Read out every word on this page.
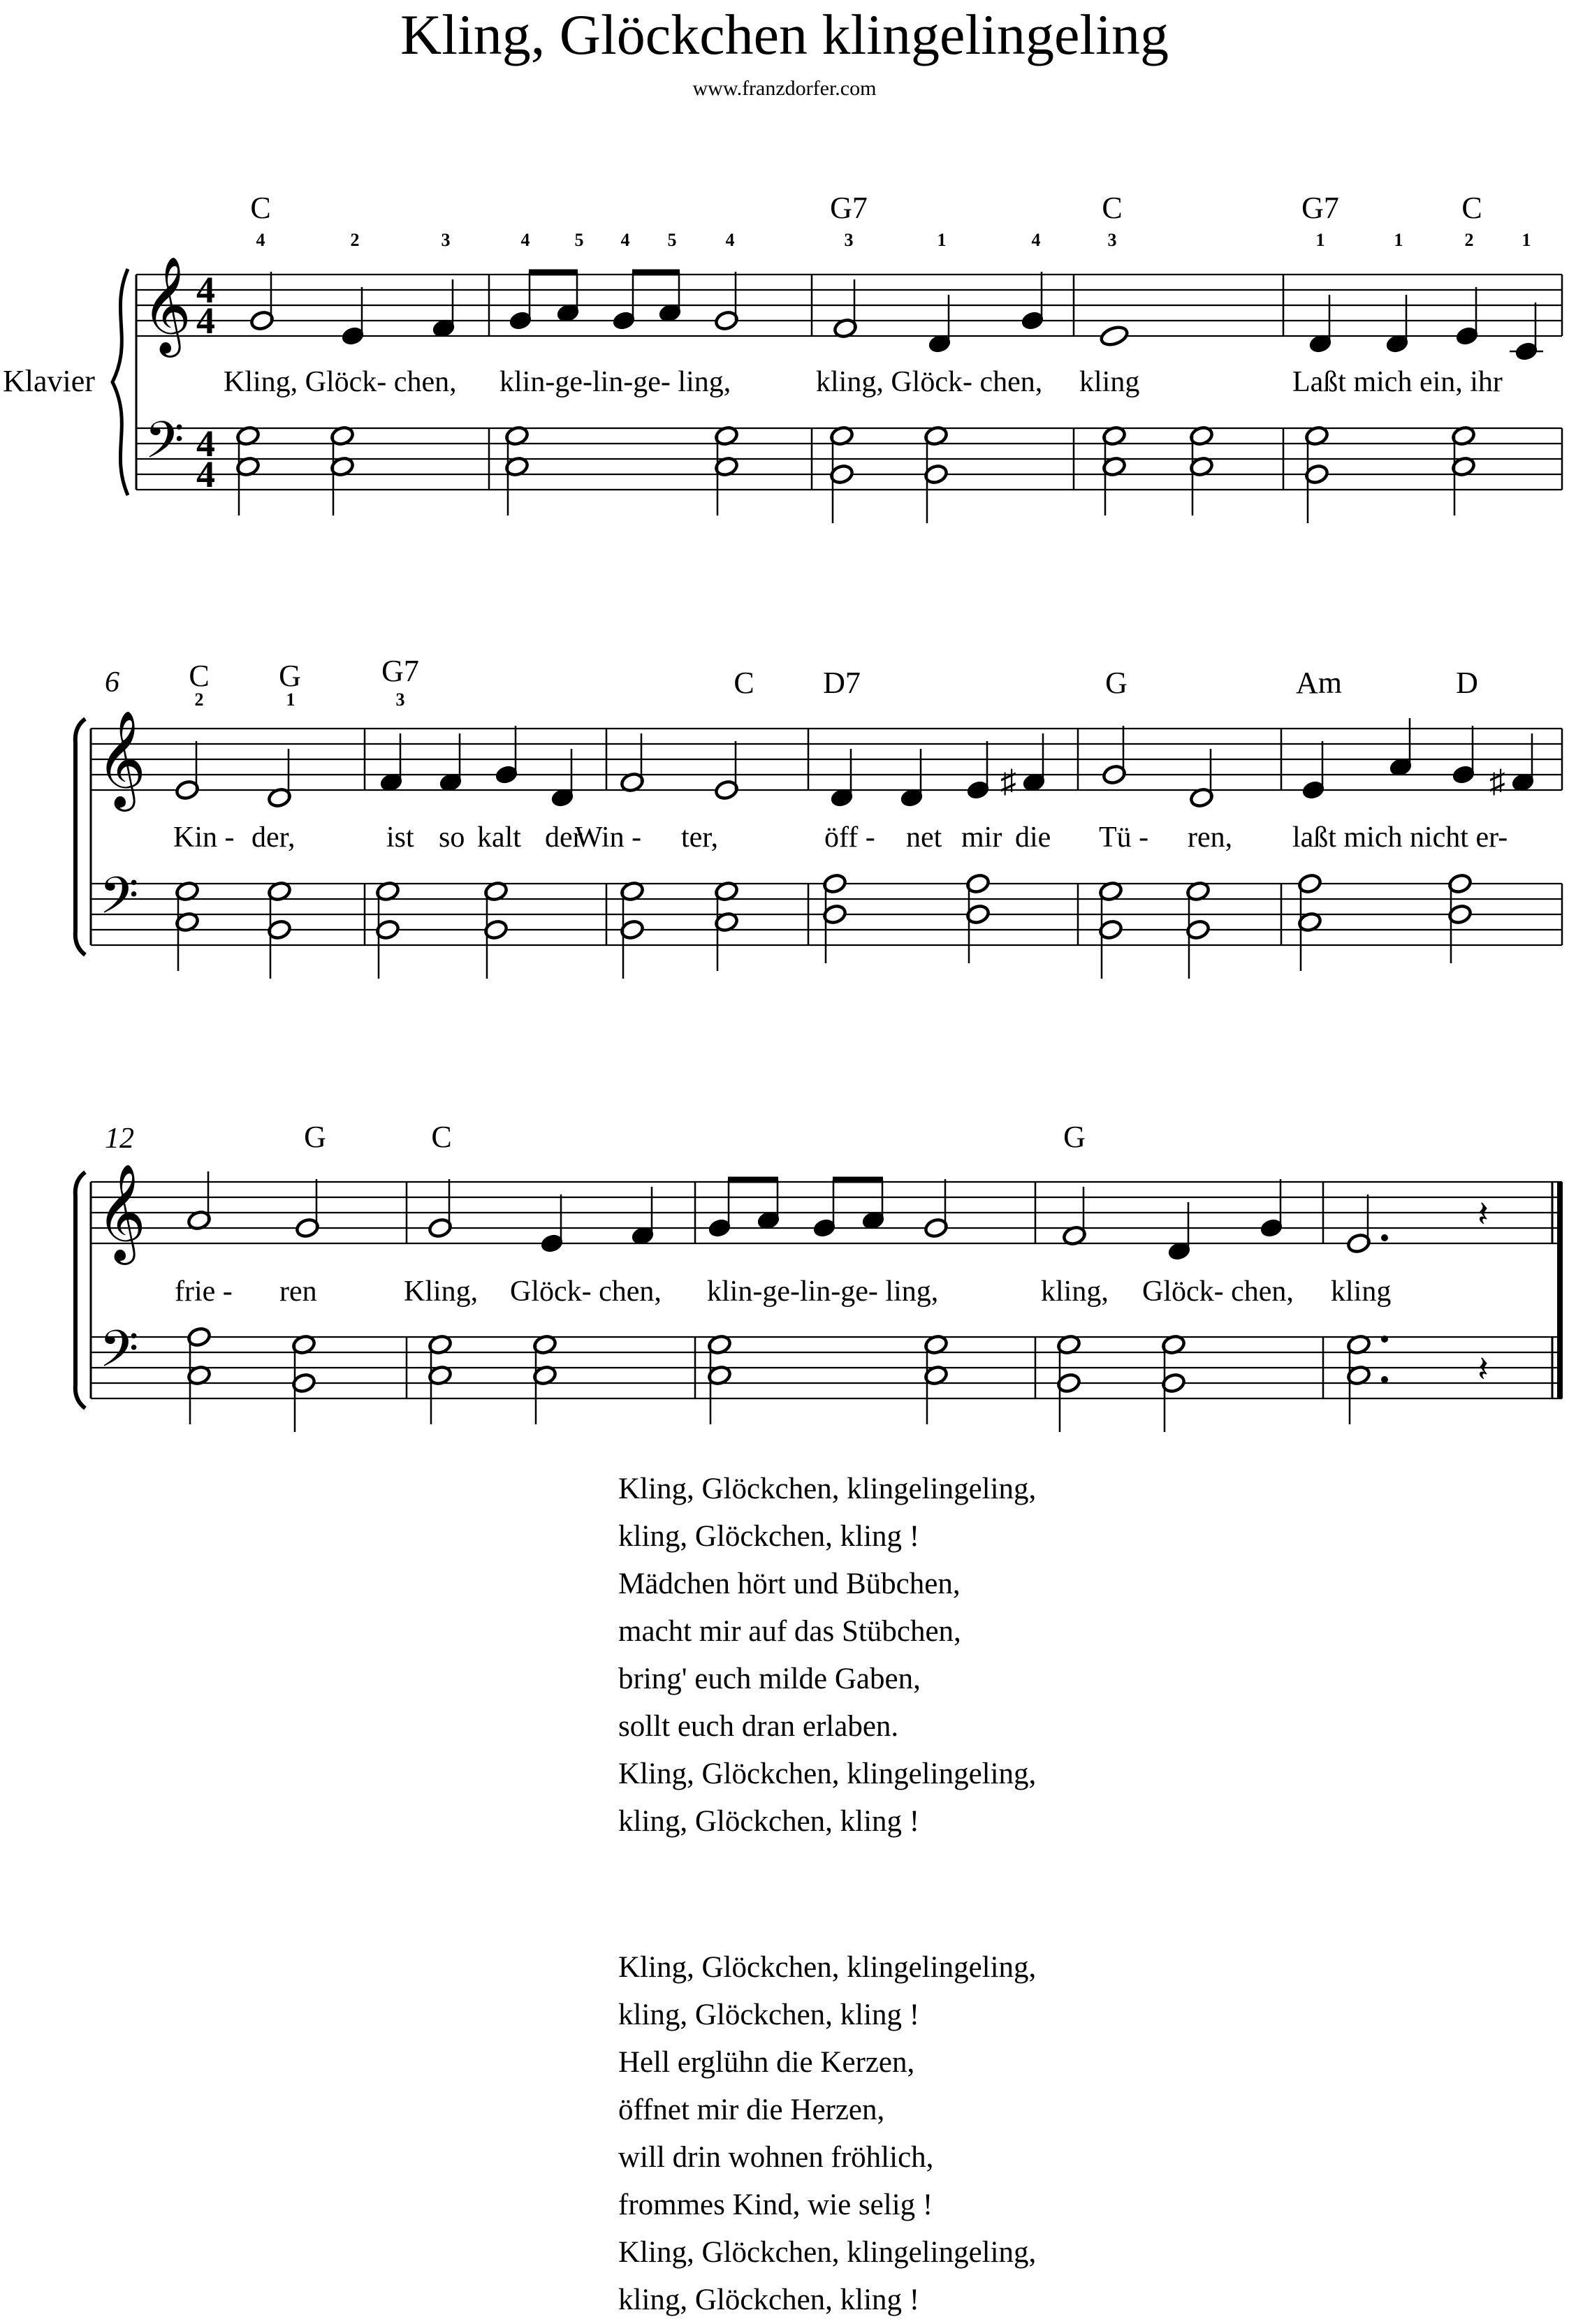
Kling, Glöckchen klingelingeling
www.franzdorfer.com
Klavier
𝄞
𝄢
4
4
4
4
𝄞
𝄢
𝄞
𝄢
♯	♯
𝄽
𝄽
C	G7	C	G7	C
4	2	3	4 5 4 5	4	3	1	4	3	1	1	2	1
Kling, Glöck- chen, klin-ge-lin-ge- ling,	kling, Glöck- chen, kling	Laßt mich ein, ihr
C G	G7	C D7	G	Am	D
2	1	3
Kin - der,	ist so kalt der
Win - ter,	öff - net mir die Tü - ren, laßt mich nicht er-
6
G	C	G
frie - ren	Kling, Glöck- chen, klin-ge-lin-ge- ling,	kling, Glöck- chen, kling
12
Kling, Glöckchen, klingelingeling,
kling, Glöckchen, kling !
Mädchen hört und Bübchen,
macht mir auf das Stübchen,
bring' euch milde Gaben,
sollt euch dran erlaben.
Kling, Glöckchen, klingelingeling,
kling, Glöckchen, kling !
Kling, Glöckchen, klingelingeling,
kling, Glöckchen, kling !
Hell erglühn die Kerzen,
öffnet mir die Herzen,
will drin wohnen fröhlich,
frommes Kind, wie selig !
Kling, Glöckchen, klingelingeling,
kling, Glöckchen, kling !
